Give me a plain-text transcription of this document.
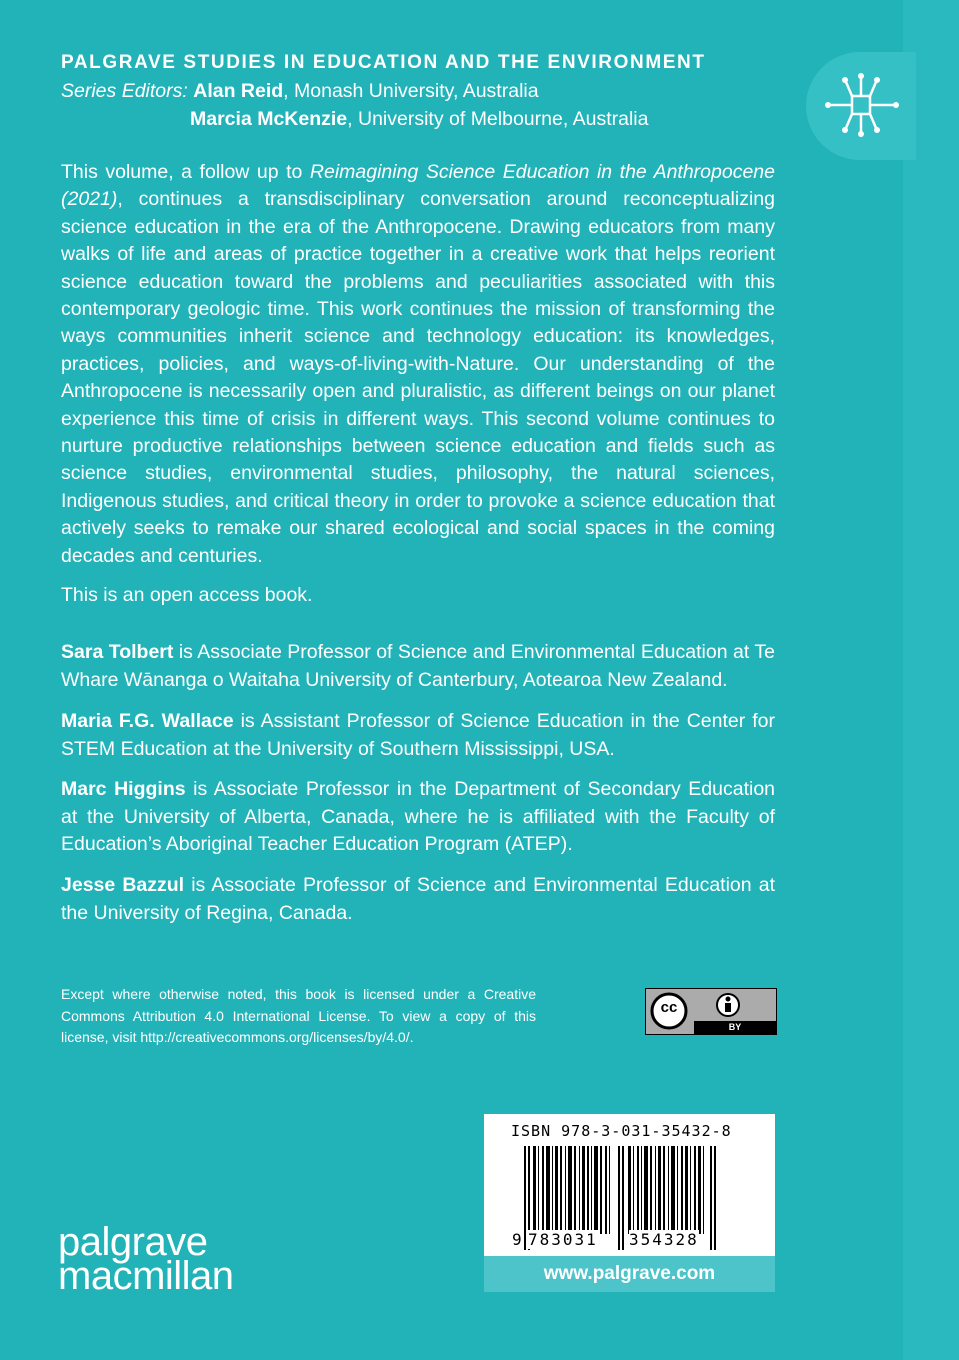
PALGRAVE STUDIES IN EDUCATION AND THE ENVIRONMENT
Series Editors: Alan Reid, Monash University, Australia
Marcia McKenzie, University of Melbourne, Australia

This volume, a follow up to Reimagining Science Education in the Anthropocene (2021), continues a transdisciplinary conversation around reconceptualizing science education in the era of the Anthropocene. Drawing educators from many walks of life and areas of practice together in a creative work that helps reorient science education toward the problems and peculiarities associated with this contemporary geologic time. This work continues the mission of transforming the ways communities inherit science and technology education: its knowledges, practices, policies, and ways-of-living-with-Nature. Our understanding of the Anthropocene is necessarily open and pluralistic, as different beings on our planet experience this time of crisis in different ways. This second volume continues to nurture productive relationships between science education and fields such as science studies, environmental studies, philosophy, the natural sciences, Indigenous studies, and critical theory in order to provoke a science education that actively seeks to remake our shared ecological and social spaces in the coming decades and centuries.

This is an open access book.

Sara Tolbert is Associate Professor of Science and Environmental Education at Te Whare Wānanga o Waitaha University of Canterbury, Aotearoa New Zealand.

Maria F.G. Wallace is Assistant Professor of Science Education in the Center for STEM Education at the University of Southern Mississippi, USA.

Marc Higgins is Associate Professor in the Department of Secondary Education at the University of Alberta, Canada, where he is affiliated with the Faculty of Education’s Aboriginal Teacher Education Program (ATEP).

Jesse Bazzul is Associate Professor of Science and Environmental Education at the University of Regina, Canada.

Except where otherwise noted, this book is licensed under a Creative Commons Attribution 4.0 International License. To view a copy of this license, visit http://creativecommons.org/licenses/by/4.0/.

cc
BY
ISBN 978-3-031-35432-8
9 783031 354328
www.palgrave.com
palgrave
macmillan
